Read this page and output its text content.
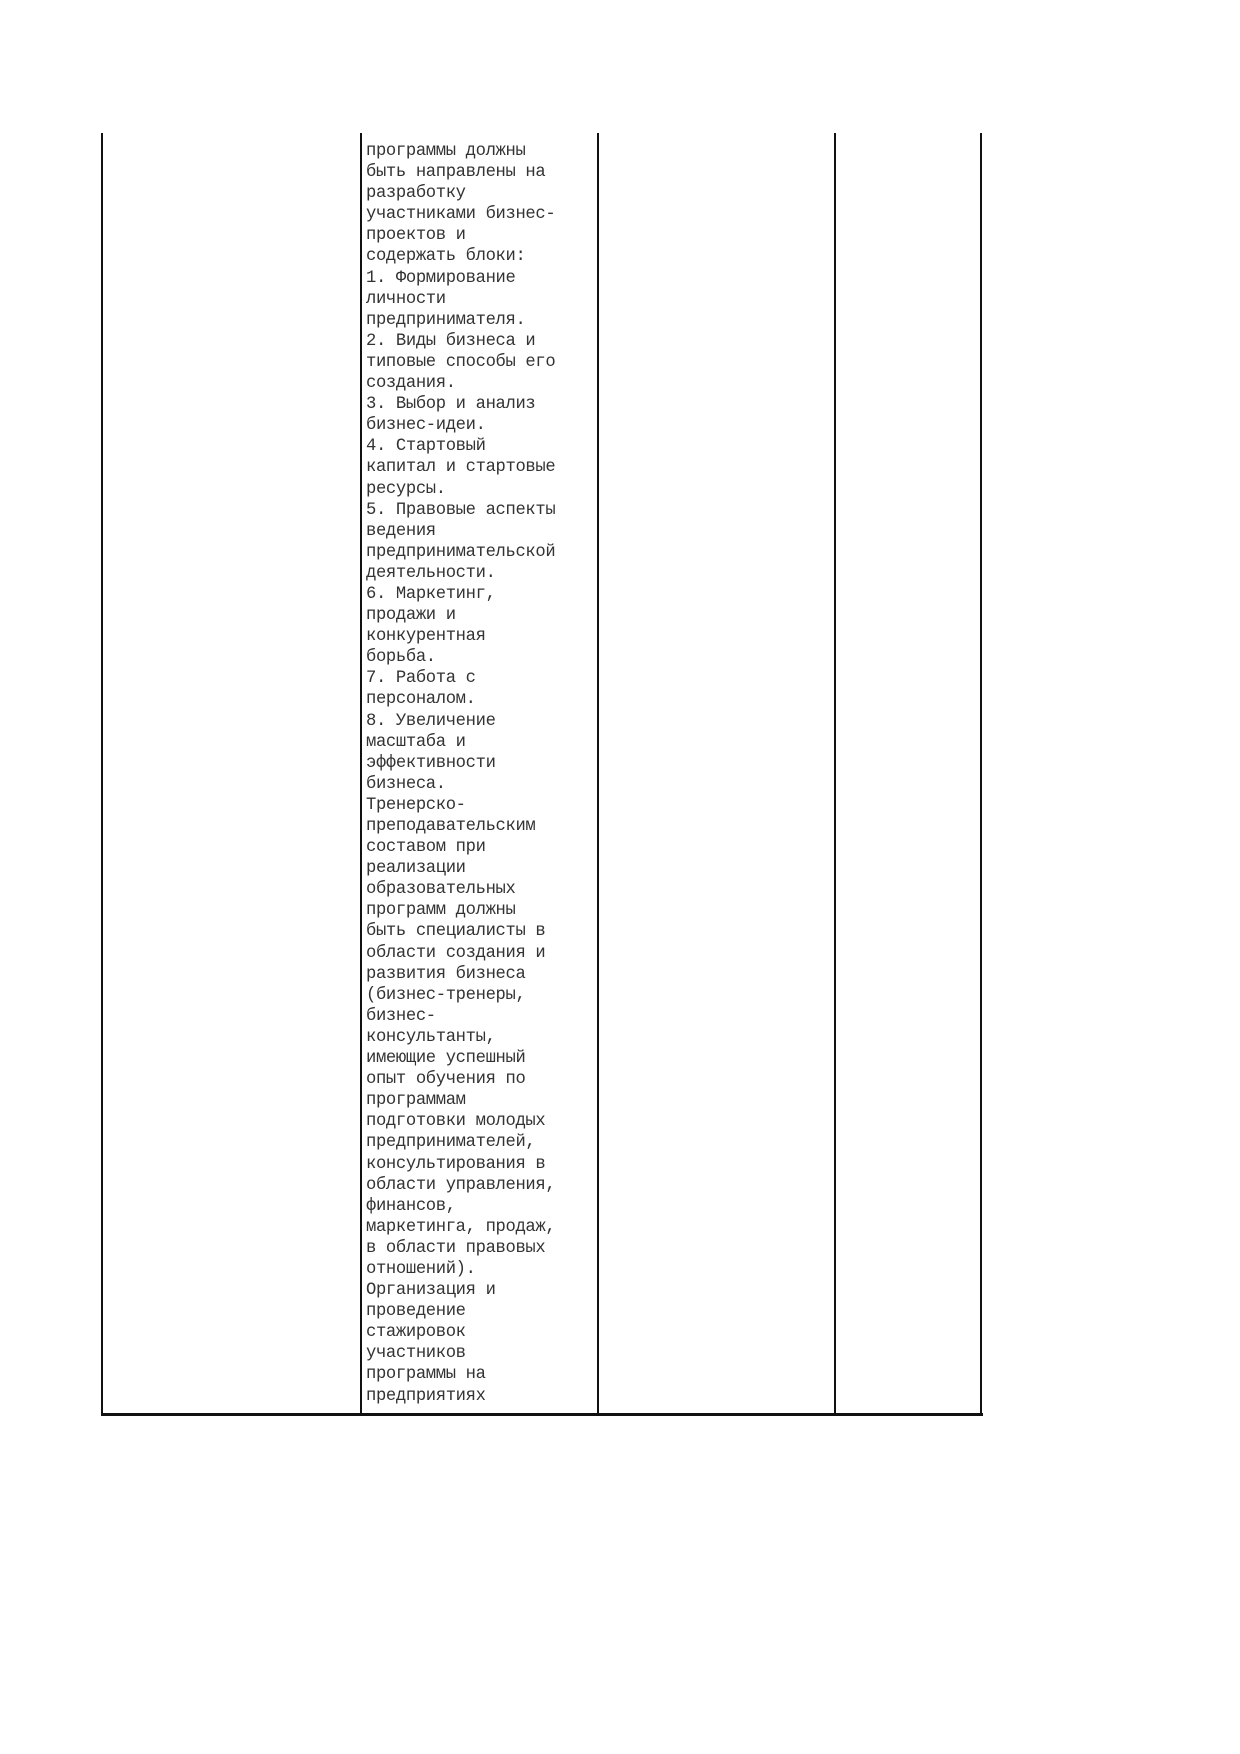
программы должны
быть направлены на
разработку
участниками бизнес-
проектов и
содержать блоки:
1. Формирование
личности
предпринимателя.
2. Виды бизнеса и
типовые способы его
создания.
3. Выбор и анализ
бизнес-идеи.
4. Стартовый
капитал и стартовые
ресурсы.
5. Правовые аспекты
ведения
предпринимательской
деятельности.
6. Маркетинг,
продажи и
конкурентная
борьба.
7. Работа с
персоналом.
8. Увеличение
масштаба и
эффективности
бизнеса.
Тренерско-
преподавательским
составом при
реализации
образовательных
программ должны
быть специалисты в
области создания и
развития бизнеса
(бизнес-тренеры,
бизнес-
консультанты,
имеющие успешный
опыт обучения по
программам
подготовки молодых
предпринимателей,
консультирования в
области управления,
финансов,
маркетинга, продаж,
в области правовых
отношений).
Организация и
проведение
стажировок
участников
программы на
предприятиях
